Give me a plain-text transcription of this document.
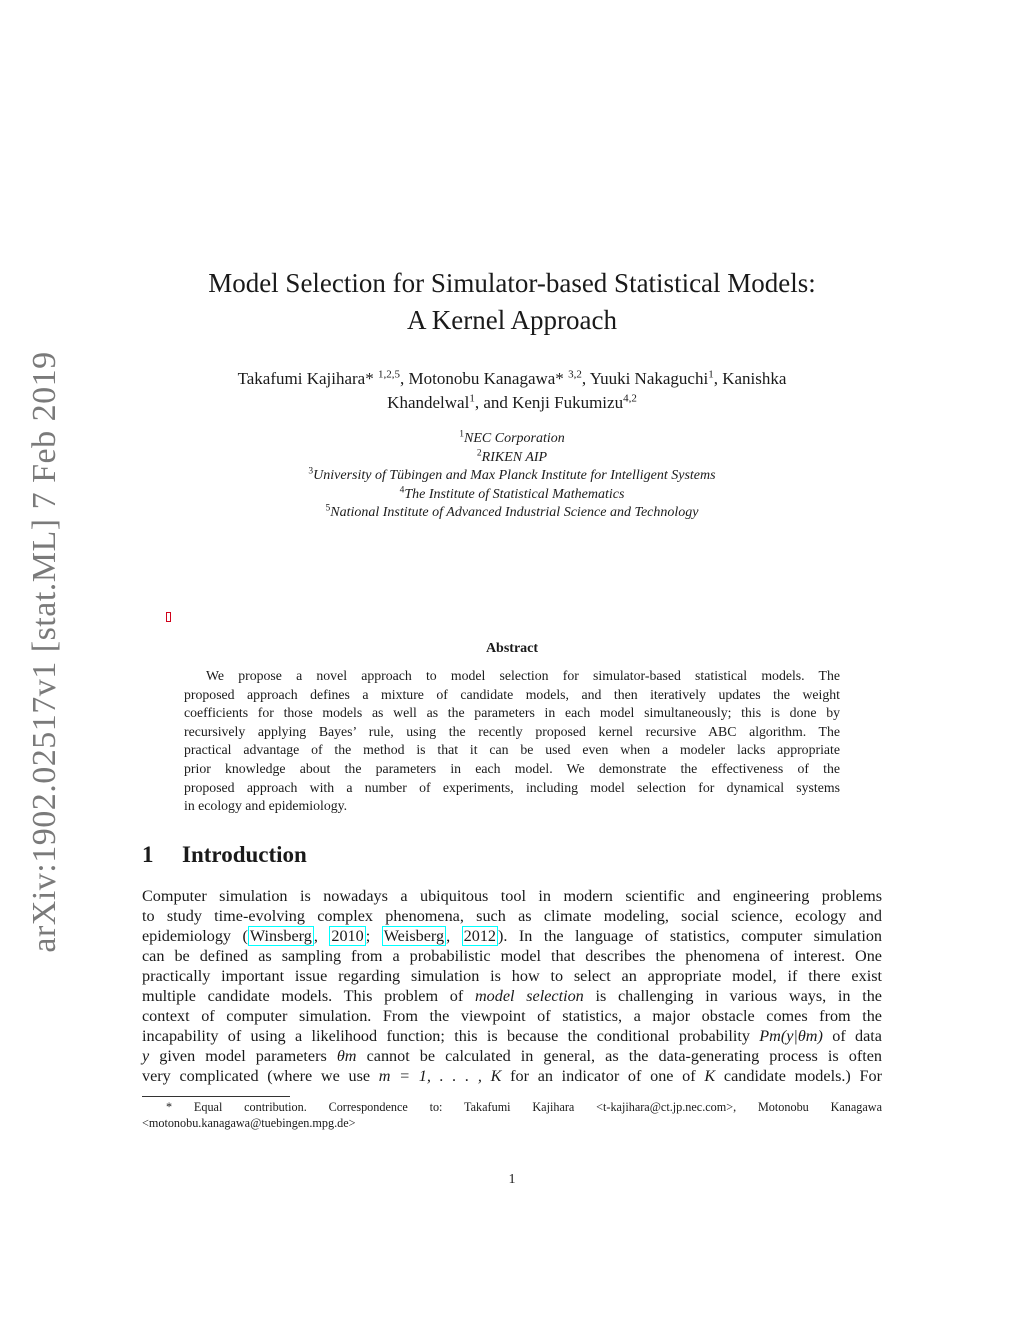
arXiv:1902.02517v1 [stat.ML] 7 Feb 2019
Model Selection for Simulator-based Statistical Models:
A Kernel Approach
Takafumi Kajihara* $^{1,2,5}$, Motonobu Kanagawa* $^{3,2}$, Yuuki Nakaguchi$^1$, Kanishka
Khandelwal$^1$, and Kenji Fukumizu$^{4,2}$
$^1$NEC Corporation
$^2$RIKEN AIP
$^3$University of Tübingen and Max Planck Institute for Intelligent Systems
$^4$The Institute of Statistical Mathematics
$^5$National Institute of Advanced Industrial Science and Technology
Abstract
We propose a novel approach to model selection for simulator-based statistical models. The
proposed approach defines a mixture of candidate models, and then iteratively updates the weight
coefficients for those models as well as the parameters in each model simultaneously; this is done by
recursively applying Bayes’ rule, using the recently proposed kernel recursive ABC algorithm. The
practical advantage of the method is that it can be used even when a modeler lacks appropriate
prior knowledge about the parameters in each model. We demonstrate the effectiveness of the
proposed approach with a number of experiments, including model selection for dynamical systems
in ecology and epidemiology.
1 Introduction
Computer simulation is nowadays a ubiquitous tool in modern scientific and engineering problems
to study time-evolving complex phenomena, such as climate modeling, social science, ecology and
epidemiology ( Winsberg , 2010 ; Weisberg , 2012 ). In the language of statistics, computer simulation
can be defined as sampling from a probabilistic model that describes the phenomena of interest. One
practically important issue regarding simulation is how to select an appropriate model, if there exist
multiple candidate models. This problem of model selection is challenging in various ways, in the
context of computer simulation. From the viewpoint of statistics, a major obstacle comes from the
incapability of using a likelihood function; this is because the conditional probability Pm(y|θm) of data
y given model parameters θm cannot be calculated in general, as the data-generating process is often
very complicated (where we use m = 1, . . . , K for an indicator of one of K candidate models.) For
* Equal contribution. Correspondence to: Takafumi Kajihara <t-kajihara@ct.jp.nec.com>, Motonobu Kanagawa
<motonobu.kanagawa@tuebingen.mpg.de>
1
